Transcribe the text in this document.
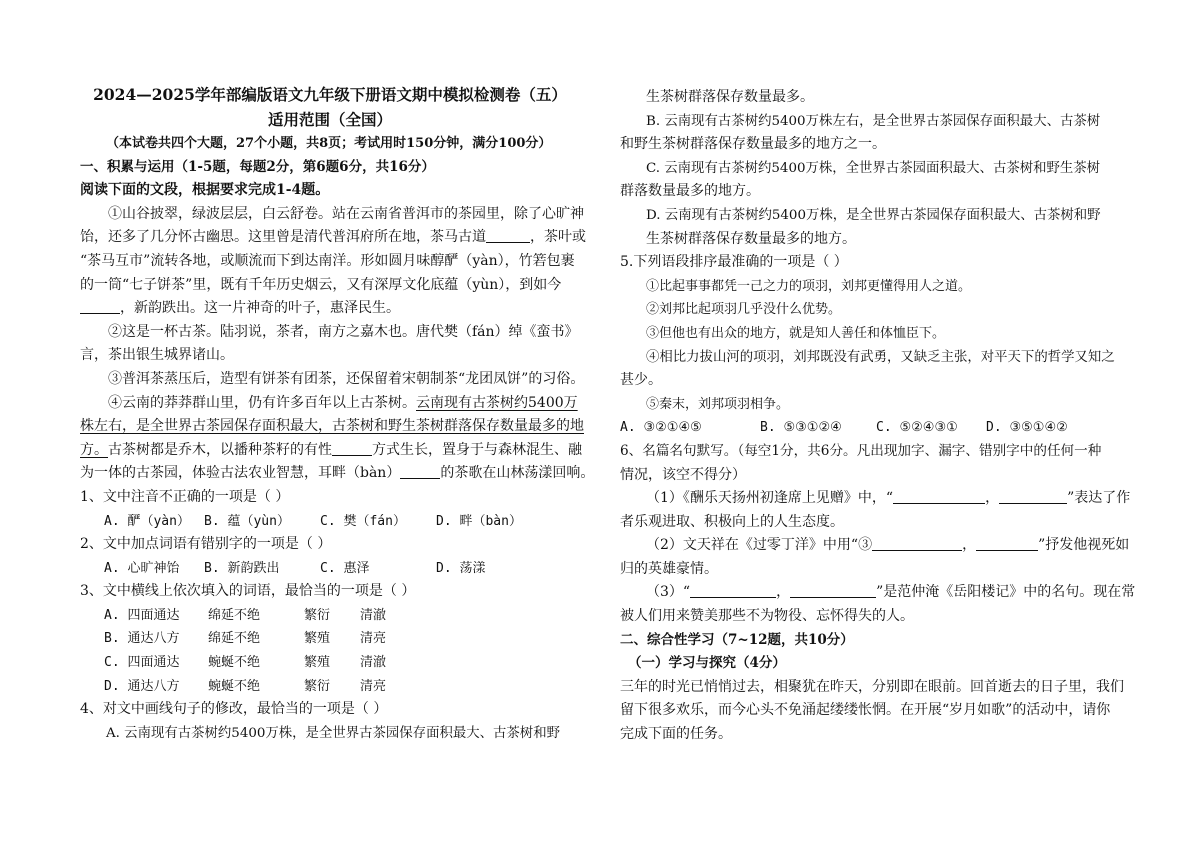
2024—2025学年部编版语文九年级下册语文期中模拟检测卷（五）
适用范围（全国）
（本试卷共四个大题，27个小题，共8页；考试用时150分钟，满分100分）
一、积累与运用（1-5题，每题2分，第6题6分，共16分）
阅读下面的文段，根据要求完成1-4题。
①山谷披翠，绿波层层，白云舒卷。站在云南省普洱市的茶园里，除了心旷神
饴，还多了几分怀古幽思。这里曾是清代普洱府所在地，茶马古道	，茶叶或
“茶马互市”流转各地，或顺流而下到达南洋。形如圆月味醇酽（yàn），竹箬包裹
的一筒“七子饼茶”里，既有千年历史烟云，又有深厚文化底蕴（yùn），到如今
，新韵跌出。这一片神奇的叶子，惠泽民生。
②这是一杯古茶。陆羽说，茶者，南方之嘉木也。唐代樊（fán）绰《蛮书》
言，茶出银生城界诸山。
③普洱茶蒸压后，造型有饼茶有团茶，还保留着宋朝制茶“龙团凤饼”的习俗。
④云南的莽莽群山里，仍有许多百年以上古茶树。云南现有古茶树约5400万
株左右，是全世界古茶园保存面积最大，古茶树和野生茶树群落保存数量最多的地
方。古茶树都是乔木，以播种茶籽的有性	方式生长，置身于与森林混生、融
为一体的古茶园，体验古法农业智慧，耳畔（bàn）	的茶歌在山林荡漾回响。
1、文中注音不正确的一项是（ ）
A. 酽（yàn） B. 蕴（yùn） C. 樊（fán） D. 畔（bàn）
2、文中加点词语有错别字的一项是（ ）
A. 心旷神饴 B. 新韵跌出	C. 惠泽	D. 荡漾
3、文中横线上依次填入的词语，最恰当的一项是（ ）
A. 四面通达 绵延不绝	繁衍 清澈
B. 通达八方 绵延不绝	繁殖 清亮
C. 四面通达 蜿蜒不绝	繁殖 清澈
D. 通达八方 蜿蜒不绝	繁衍 清亮
4、对文中画线句子的修改，最恰当的一项是（ ）
A. 云南现有古茶树约5400万株，是全世界古茶园保存面积最大、古茶树和野
生茶树群落保存数量最多。
B. 云南现有古茶树约5400万株左右，是全世界古茶园保存面积最大、古茶树
和野生茶树群落保存数量最多的地方之一。
C. 云南现有古茶树约5400万株，全世界古茶园面积最大、古茶树和野生茶树
群落数量最多的地方。
D. 云南现有古茶树约5400万株，是全世界古茶园保存面积最大、古茶树和野
生茶树群落保存数量最多的地方。
5.下列语段排序最准确的一项是（ ）
①比起事事都凭一己之力的项羽，刘邦更懂得用人之道。
②刘邦比起项羽几乎没什么优势。
③但他也有出众的地方，就是知人善任和体恤臣下。
④相比力拔山河的项羽，刘邦既没有武勇，又缺乏主张，对平天下的哲学又知之
甚少。
⑤秦末，刘邦项羽相争。
A. ③②①④⑤	B. ⑤③①②④	C. ⑤②④③① D. ③⑤①④②
6、名篇名句默写。（每空1分，共6分。凡出现加字、漏字、错别字中的任何一种
情况，该空不得分）
（1）《酬乐天扬州初逢席上见赠》中，“	，	”表达了作
者乐观进取、积极向上的人生态度。
（2）文天祥在《过零丁洋》中用“③	，	”抒发他视死如
归的英雄豪情。
（3）“	，	”是范仲淹《岳阳楼记》中的名句。现在常
被人们用来赞美那些不为物役、忘怀得失的人。
二、综合性学习（7~12题，共10分）
（一）学习与探究（4分）
三年的时光已悄悄过去，相聚犹在昨天，分别即在眼前。回首逝去的日子里，我们
留下很多欢乐，而今心头不免涌起缕缕怅惘。在开展“岁月如歌”的活动中，请你
完成下面的任务。
